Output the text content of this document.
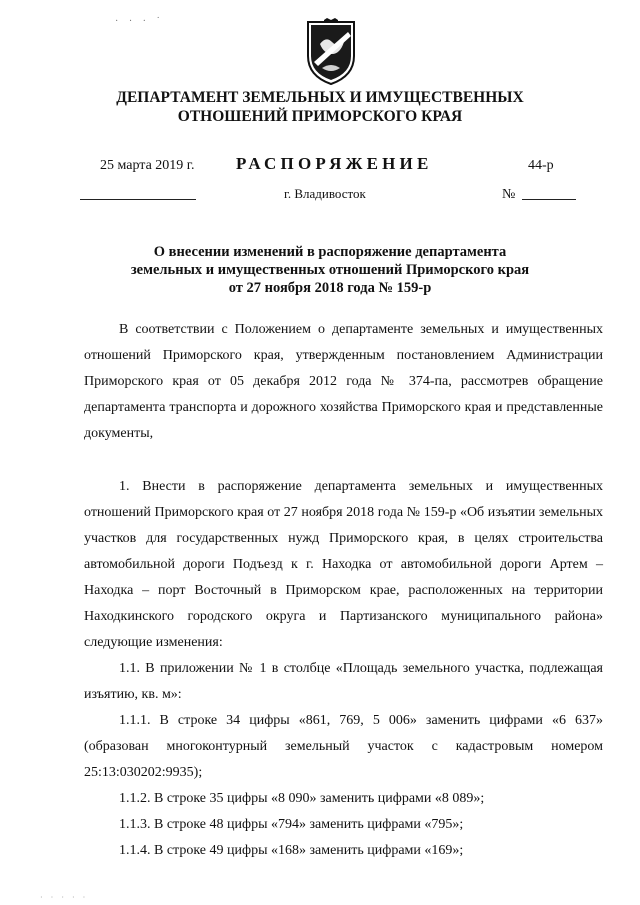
· · · ˙
ДЕПАРТАМЕНТ ЗЕМЕЛЬНЫХ И ИМУЩЕСТВЕННЫХ
ОТНОШЕНИЙ ПРИМОРСКОГО КРАЯ
25 марта 2019 г. РАСПОРЯЖЕНИЕ	44-р
г. Владивосток	№
О внесении изменений в распоряжение департамента
земельных и имущественных отношений Приморского края
от 27 ноября 2018 года № 159-р

В соответствии с Положением о департаменте земельных и имущественных отношений Приморского края, утвержденным постановлением Администрации Приморского края от 05 декабря 2012 года № 374-па, рассмотрев обращение департамента транспорта и дорожного хозяйства Приморского края и представленные документы,

1. Внести в распоряжение департамента земельных и имущественных отношений Приморского края от 27 ноября 2018 года № 159-р «Об изъятии земельных участков для государственных нужд Приморского края, в целях строительства автомобильной дороги Подъезд к г. Находка от автомобильной дороги Артем – Находка – порт Восточный в Приморском крае, расположенных на территории Находкинского городского округа и Партизанского муниципального района» следующие изменения:

1.1. В приложении № 1 в столбце «Площадь земельного участка, подлежащая изъятию, кв. м»:

1.1.1. В строке 34 цифры «861, 769, 5 006» заменить цифрами «6 637» (образован многоконтурный земельный участок с кадастровым номером 25:13:030202:9935);

1.1.2. В строке 35 цифры «8 090» заменить цифрами «8 089»;

1.1.3. В строке 48 цифры «794» заменить цифрами «795»;

1.1.4. В строке 49 цифры «168» заменить цифрами «169»;

· · · · ·
